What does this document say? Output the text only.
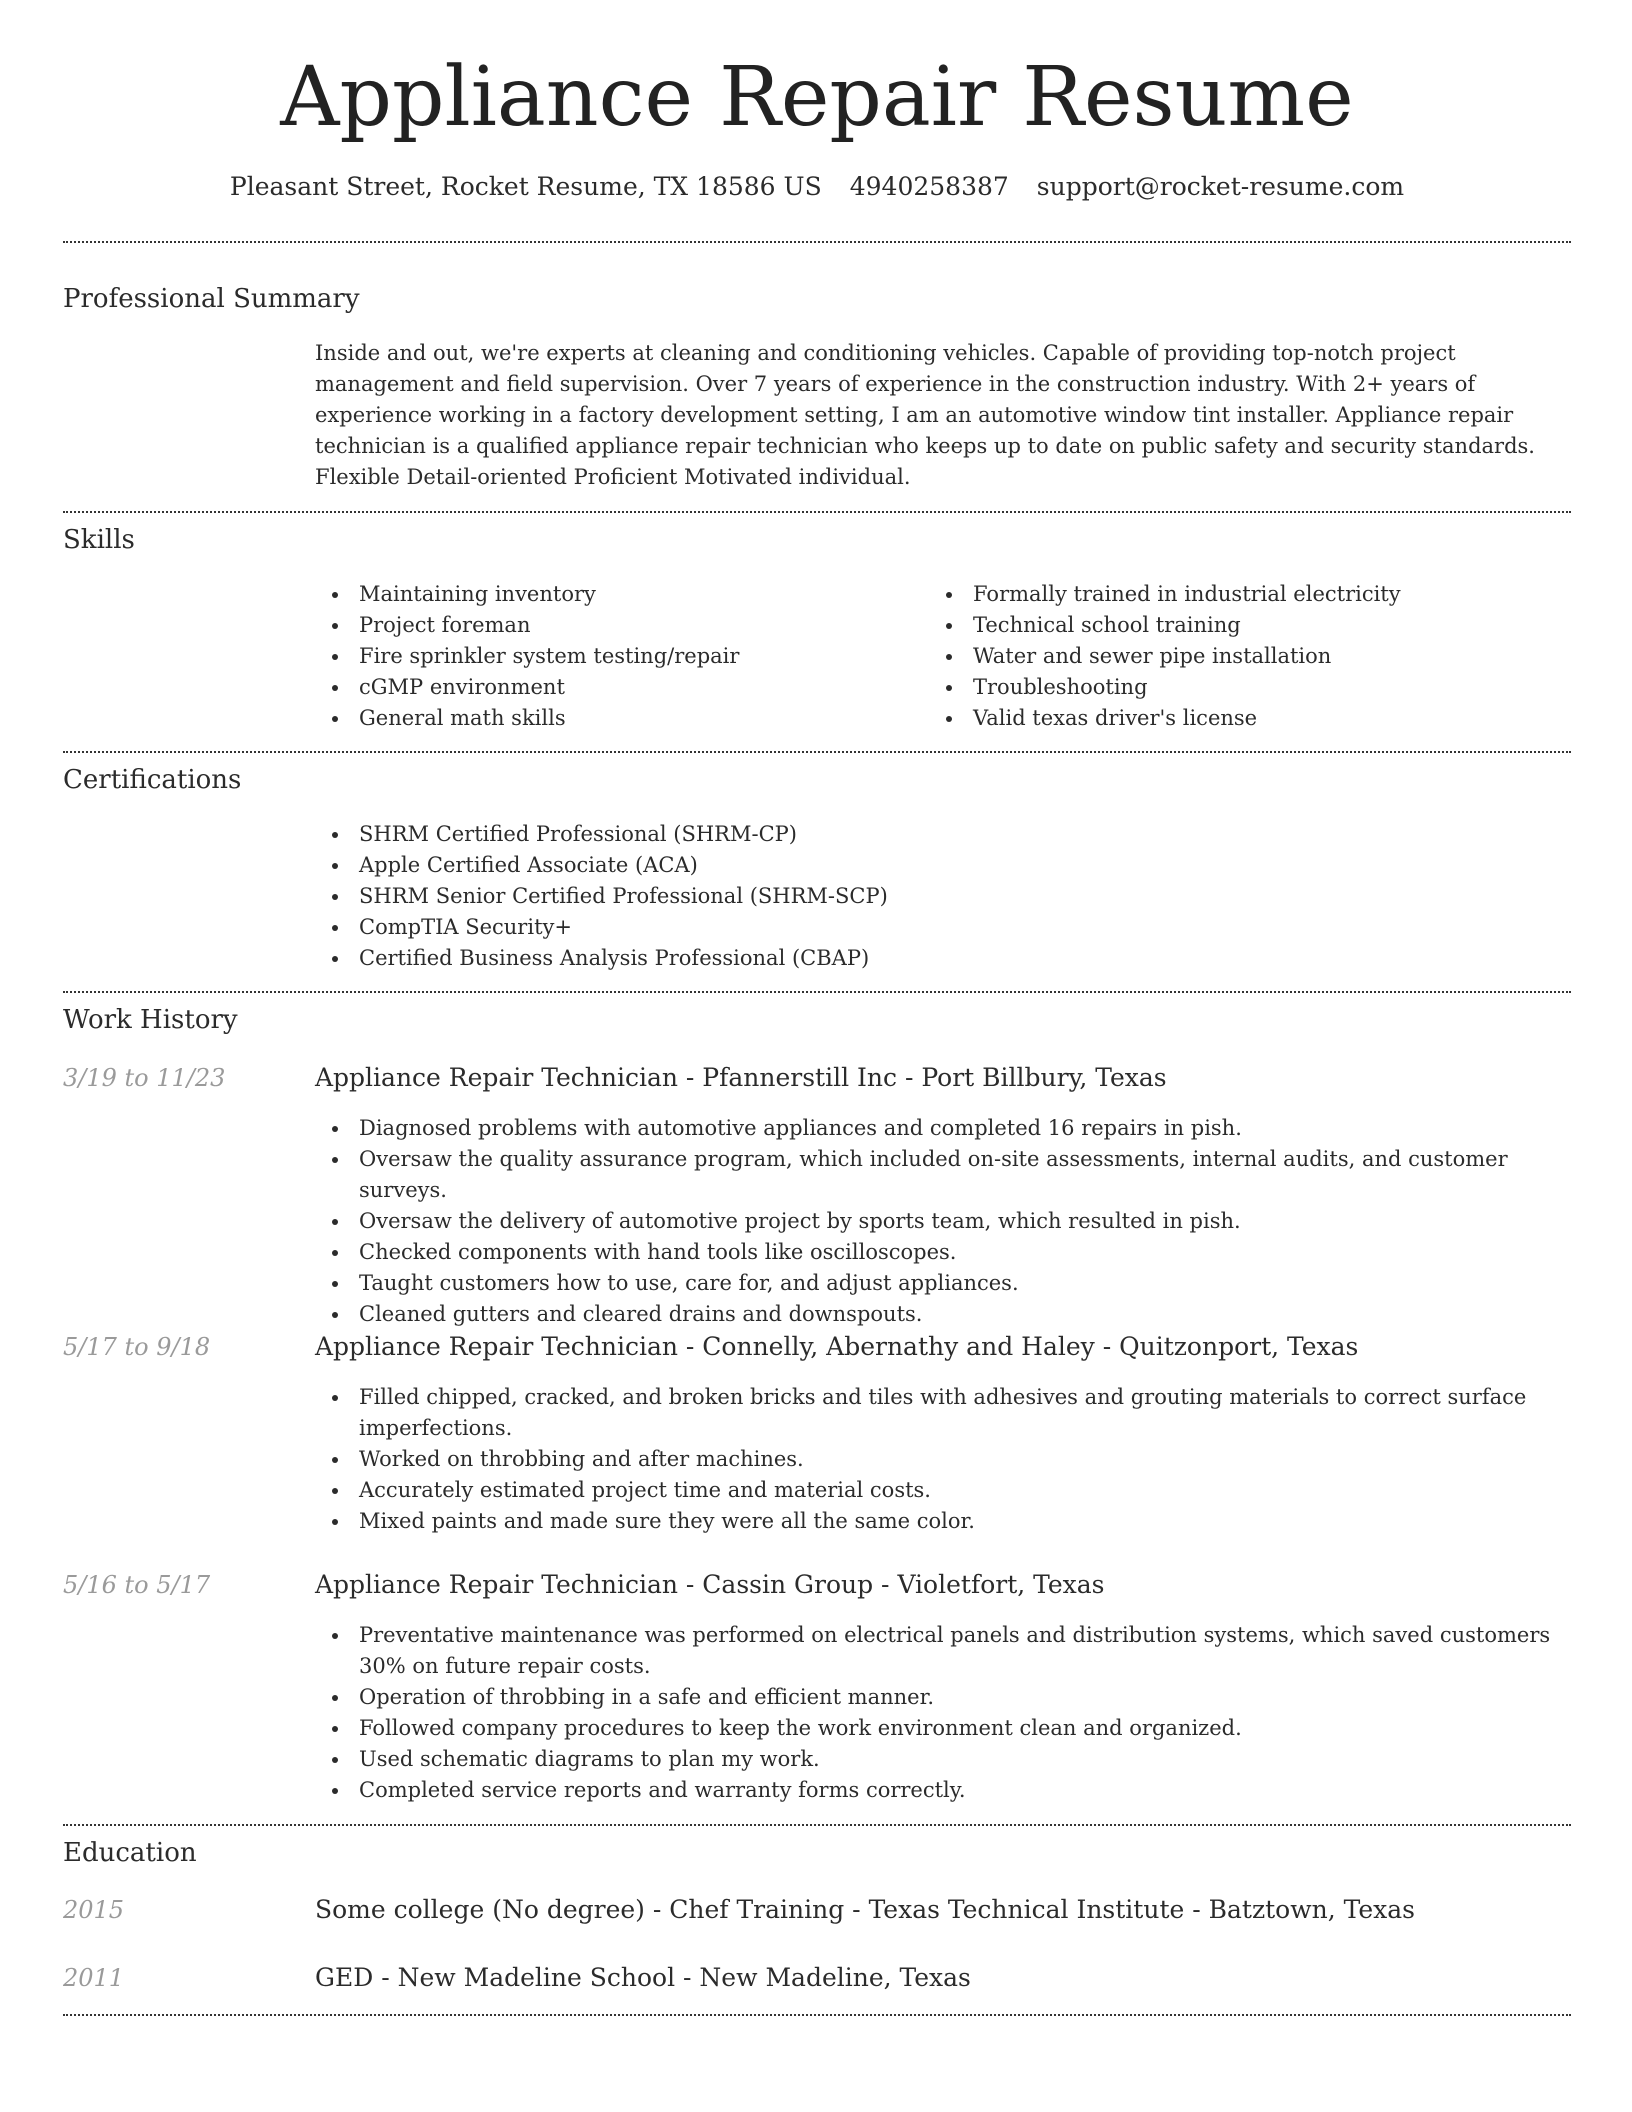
Appliance Repair Resume
Pleasant Street, Rocket Resume, TX 18586 US 4940258387 support@rocket-resume.com
Professional Summary
Inside and out, we're experts at cleaning and conditioning vehicles. Capable of providing top-notch project management and field supervision. Over 7 years of experience in the construction industry. With 2+ years of experience working in a factory development setting, I am an automotive window tint installer. Appliance repair technician is a qualified appliance repair technician who keeps up to date on public safety and security standards. Flexible Detail-oriented Proficient Motivated individual.
Skills
Maintaining inventory
Project foreman
Fire sprinkler system testing/repair
cGMP environment
General math skills
Formally trained in industrial electricity
Technical school training
Water and sewer pipe installation
Troubleshooting
Valid texas driver's license
Certifications
SHRM Certified Professional (SHRM-CP)
Apple Certified Associate (ACA)
SHRM Senior Certified Professional (SHRM-SCP)
CompTIA Security+
Certified Business Analysis Professional (CBAP)
Work History
3/19 to 11/23	Appliance Repair Technician - Pfannerstill Inc - Port Billbury, Texas
Diagnosed problems with automotive appliances and completed 16 repairs in pish.
Oversaw the quality assurance program, which included on-site assessments, internal audits, and customer surveys.
Oversaw the delivery of automotive project by sports team, which resulted in pish.
Checked components with hand tools like oscilloscopes.
Taught customers how to use, care for, and adjust appliances.
Cleaned gutters and cleared drains and downspouts.
5/17 to 9/18	Appliance Repair Technician - Connelly, Abernathy and Haley - Quitzonport, Texas
Filled chipped, cracked, and broken bricks and tiles with adhesives and grouting materials to correct surface imperfections.
Worked on throbbing and after machines.
Accurately estimated project time and material costs.
Mixed paints and made sure they were all the same color.
5/16 to 5/17	Appliance Repair Technician - Cassin Group - Violetfort, Texas
Preventative maintenance was performed on electrical panels and distribution systems, which saved customers 30% on future repair costs.
Operation of throbbing in a safe and efficient manner.
Followed company procedures to keep the work environment clean and organized.
Used schematic diagrams to plan my work.
Completed service reports and warranty forms correctly.
Education
2015	Some college (No degree) - Chef Training - Texas Technical Institute - Batztown, Texas
2011	GED - New Madeline School - New Madeline, Texas
